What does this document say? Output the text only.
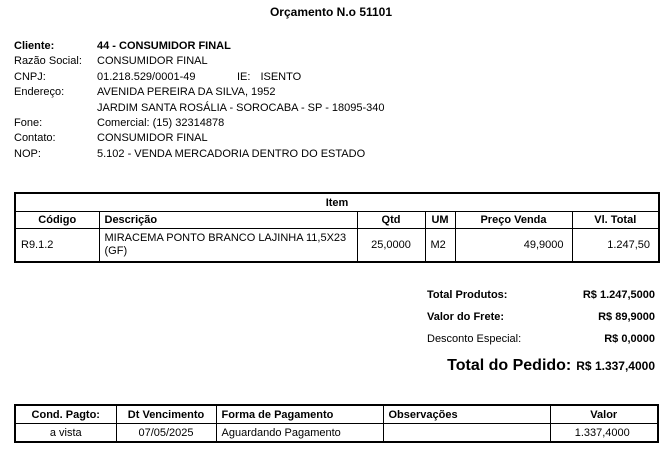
Orçamento N.o 51101
Cliente:	44 - CONSUMIDOR FINAL
Razão Social:	CONSUMIDOR FINAL
CNPJ:	01.218.529/0001-49	IE: ISENTO
Endereço:	AVENIDA PEREIRA DA SILVA, 1952
JARDIM SANTA ROSÁLIA - SOROCABA - SP - 18095-340
Fone:	Comercial: (15) 32314878
Contato:	CONSUMIDOR FINAL
NOP:	5.102 - VENDA MERCADORIA DENTRO DO ESTADO
Item					
Código	Descrição	Qtd	UM	Preço Venda	Vl. Total
R9.1.2	MIRACEMA PONTO BRANCO LAJINHA 11,5X23 (GF)	25,0000	M2	49,9000	1.247,50
Total Produtos:	R$ 1.247,5000
Valor do Frete:	R$ 89,9000
Desconto Especial:	R$ 0,0000
Total do Pedido: R$ 1.337,4000
Cond. Pagto:	Dt Vencimento	Forma de Pagamento	Observações	Valor
a vista	07/05/2025	Aguardando Pagamento		1.337,4000
